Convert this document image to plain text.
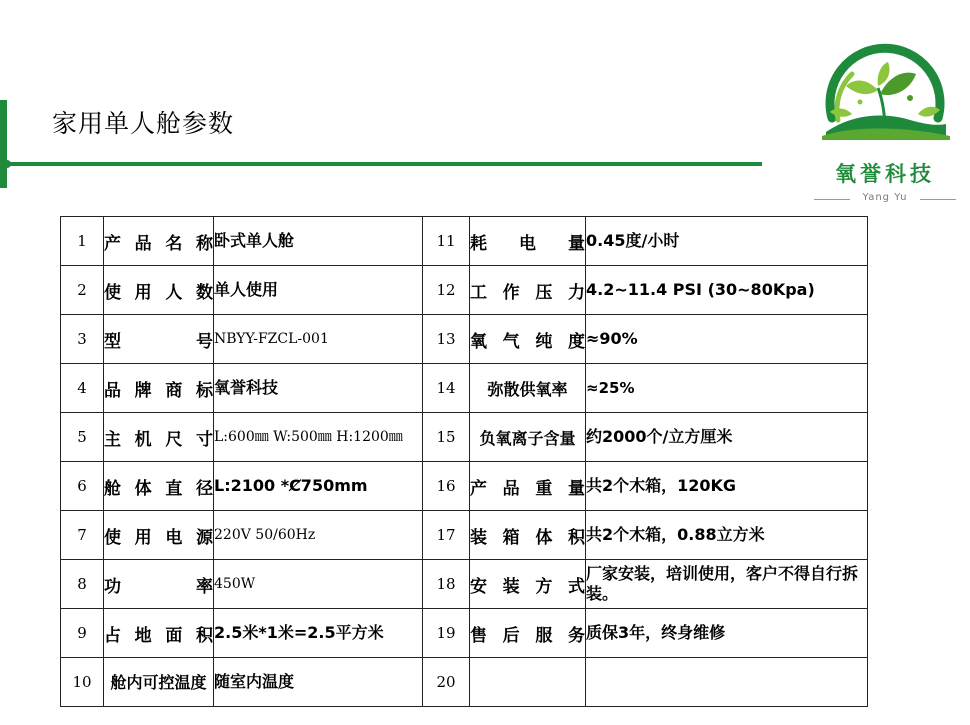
家用单人舱参数
氧誉科技
Yang Yu
1	产品名称	卧式单人舱	11	耗 电 量	0.45度/小时
2	使用人数	单人使用	12	工作压力	4.2~11.4 PSI (30~80Kpa)
3	型 号	NBYY-FZCL-001	13	氧气纯度	≈90%
4	品牌商标	氧誉科技	14	弥散供氧率	≈25%
5	主机尺寸	L:600㎜ W:500㎜ H:1200㎜	15	负氧离子含量	约2000个/立方厘米
6	舱体直径	L:2100 *Ȼ750mm	16	产品重量	共2个木箱，120KG
7	使用电源	220V 50/60Hz	17	装箱体积	共2个木箱，0.88立方米
8	功 率	450W	18	安装方式	厂家安装，培训使用，客户不得自行拆装。
9	占地面积	2.5米*1米=2.5平方米	19	售后服务	质保3年，终身维修
10	舱内可控温度	随室内温度	20		
